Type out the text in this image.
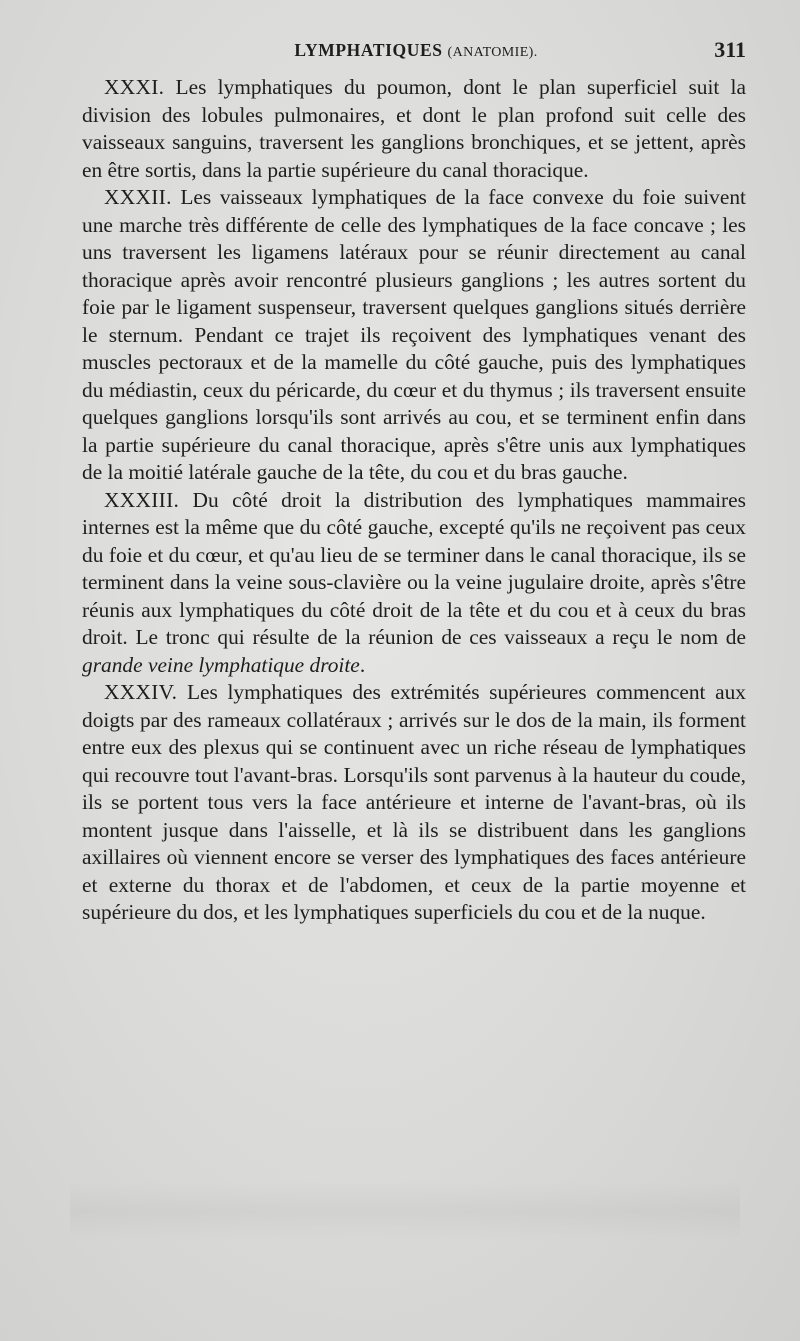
LYMPHATIQUES (ANATOMIE).	311

XXXI. Les lymphatiques du poumon, dont le plan superficiel suit la division des lobules pulmonaires, et dont le plan profond suit celle des vaisseaux sanguins, traversent les ganglions bronchiques, et se jettent, après en être sortis, dans la partie supérieure du canal thoracique.

XXXII. Les vaisseaux lymphatiques de la face convexe du foie suivent une marche très différente de celle des lymphatiques de la face concave ; les uns traversent les ligamens latéraux pour se réunir directement au canal thoracique après avoir rencontré plusieurs ganglions ; les autres sortent du foie par le ligament suspenseur, traversent quelques ganglions situés derrière le sternum. Pendant ce trajet ils reçoivent des lymphatiques venant des muscles pectoraux et de la mamelle du côté gauche, puis des lymphatiques du médiastin, ceux du péricarde, du cœur et du thymus ; ils traversent ensuite quelques ganglions lorsqu'ils sont arrivés au cou, et se terminent enfin dans la partie supérieure du canal thoracique, après s'être unis aux lymphatiques de la moitié latérale gauche de la tête, du cou et du bras gauche.

XXXIII. Du côté droit la distribution des lymphatiques mammaires internes est la même que du côté gauche, excepté qu'ils ne reçoivent pas ceux du foie et du cœur, et qu'au lieu de se terminer dans le canal thoracique, ils se terminent dans la veine sous-clavière ou la veine jugulaire droite, après s'être réunis aux lymphatiques du côté droit de la tête et du cou et à ceux du bras droit. Le tronc qui résulte de la réunion de ces vaisseaux a reçu le nom de grande veine lymphatique droite.

XXXIV. Les lymphatiques des extrémités supérieures commencent aux doigts par des rameaux collatéraux ; arrivés sur le dos de la main, ils forment entre eux des plexus qui se continuent avec un riche réseau de lymphatiques qui recouvre tout l'avant-bras. Lorsqu'ils sont parvenus à la hauteur du coude, ils se portent tous vers la face antérieure et interne de l'avant-bras, où ils montent jusque dans l'aisselle, et là ils se distribuent dans les ganglions axillaires où viennent encore se verser des lymphatiques des faces antérieure et externe du thorax et de l'abdomen, et ceux de la partie moyenne et supérieure du dos, et les lymphatiques superficiels du cou et de la nuque.
